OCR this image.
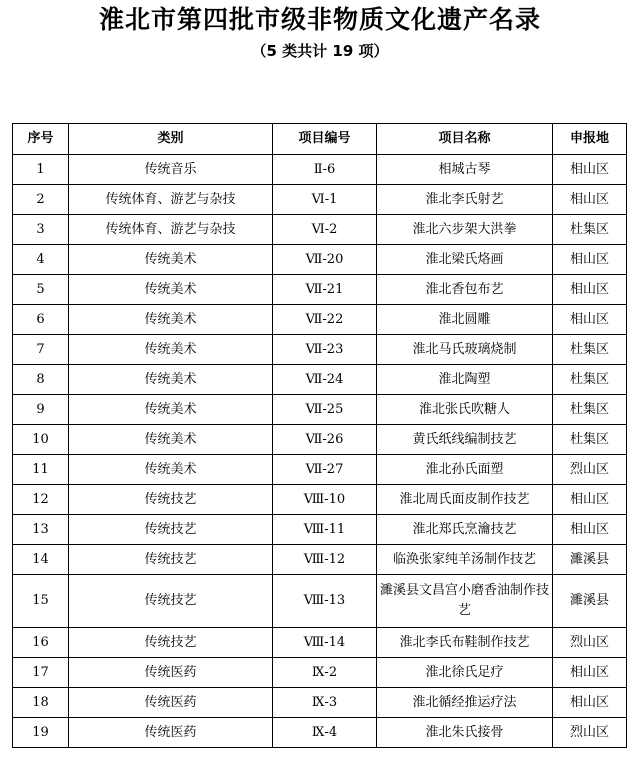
淮北市第四批市级非物质文化遗产名录
（5 类共计 19 项）
序号	类别	项目编号	项目名称	申报地
1	传统音乐	Ⅱ-6	相城古琴	相山区
2	传统体育、游艺与杂技	Ⅵ-1	淮北李氏射艺	相山区
3	传统体育、游艺与杂技	Ⅵ-2	淮北六步架大洪拳	杜集区
4	传统美术	Ⅶ-20	淮北梁氏烙画	相山区
5	传统美术	Ⅶ-21	淮北香包布艺	相山区
6	传统美术	Ⅶ-22	淮北圆雕	相山区
7	传统美术	Ⅶ-23	淮北马氏玻璃烧制	杜集区
8	传统美术	Ⅶ-24	淮北陶塑	杜集区
9	传统美术	Ⅶ-25	淮北张氏吹糖人	杜集区
10	传统美术	Ⅶ-26	黄氏纸线编制技艺	杜集区
11	传统美术	Ⅶ-27	淮北孙氏面塑	烈山区
12	传统技艺	Ⅷ-10	淮北周氏面皮制作技艺	相山区
13	传统技艺	Ⅷ-11	淮北郑氏烹瀹技艺	相山区
14	传统技艺	Ⅷ-12	临涣张家纯羊汤制作技艺	濉溪县
15	传统技艺	Ⅷ-13	濉溪县文昌宫小磨香油制作技艺	濉溪县
16	传统技艺	Ⅷ-14	淮北李氏布鞋制作技艺	烈山区
17	传统医药	Ⅸ-2	淮北徐氏足疗	相山区
18	传统医药	Ⅸ-3	淮北循经推运疗法	相山区
19	传统医药	Ⅸ-4	淮北朱氏接骨	烈山区
